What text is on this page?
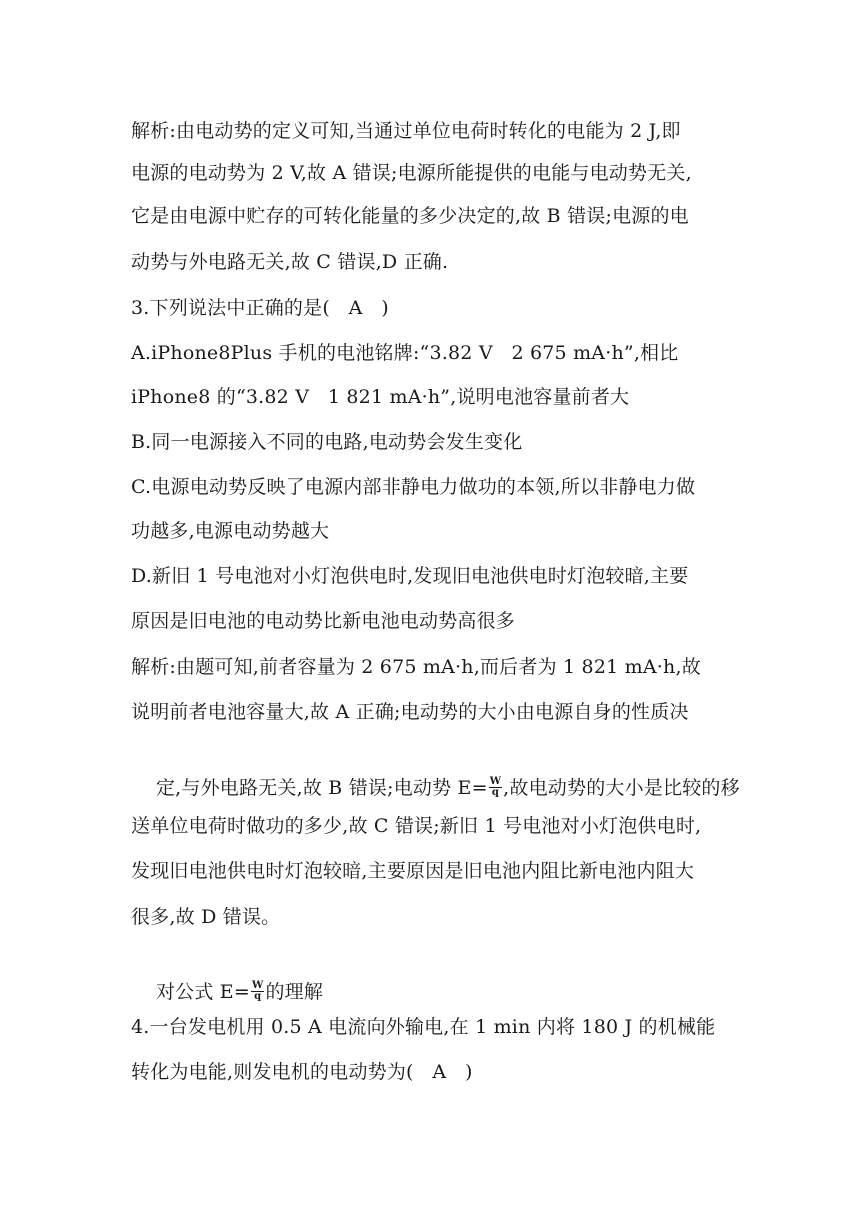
解析:由电动势的定义可知,当通过单位电荷时转化的电能为 2 J,即
电源的电动势为 2 V,故 A 错误;电源所能提供的电能与电动势无关,
它是由电源中贮存的可转化能量的多少决定的,故 B 错误;电源的电
动势与外电路无关,故 C 错误,D 正确.
3.下列说法中正确的是(   A   )
A.iPhone8Plus 手机的电池铭牌:“3.82 V   2 675 mA·h”,相比
iPhone8 的“3.82 V   1 821 mA·h”,说明电池容量前者大
B.同一电源接入不同的电路,电动势会发生变化
C.电源电动势反映了电源内部非静电力做功的本领,所以非静电力做
功越多,电源电动势越大
D.新旧 1 号电池对小灯泡供电时,发现旧电池供电时灯泡较暗,主要
原因是旧电池的电动势比新电池电动势高很多
解析:由题可知,前者容量为 2 675 mA·h,而后者为 1 821 mA·h,故
说明前者电池容量大,故 A 正确;电动势的大小由电源自身的性质决

定,与外电路无关,故 B 错误;电动势 $E= \frac{W}{q}$ ,故电动势的大小是比较的移

送单位电荷时做功的多少,故 C 错误;新旧 1 号电池对小灯泡供电时,
发现旧电池供电时灯泡较暗,主要原因是旧电池内阻比新电池内阻大
很多,故 D 错误。

对公式 $E= \frac{W}{q}$ 的理解

4.一台发电机用 0.5 A 电流向外输电,在 1 min 内将 180 J 的机械能
转化为电能,则发电机的电动势为(   A   )
